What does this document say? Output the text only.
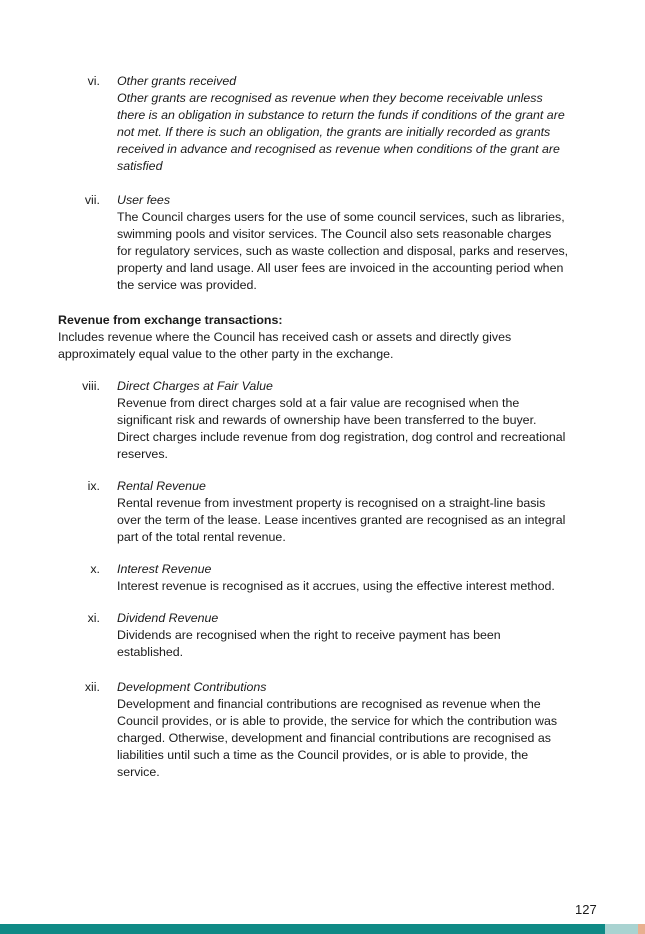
vi. Other grants received
Other grants are recognised as revenue when they become receivable unless
there is an obligation in substance to return the funds if conditions of the grant are
not met. If there is such an obligation, the grants are initially recorded as grants
received in advance and recognised as revenue when conditions of the grant are
satisfied
vii. User fees
The Council charges users for the use of some council services, such as libraries,
swimming pools and visitor services. The Council also sets reasonable charges
for regulatory services, such as waste collection and disposal, parks and reserves,
property and land usage. All user fees are invoiced in the accounting period when
the service was provided.
Revenue from exchange transactions:
Includes revenue where the Council has received cash or assets and directly gives
approximately equal value to the other party in the exchange.
viii. Direct Charges at Fair Value
Revenue from direct charges sold at a fair value are recognised when the
significant risk and rewards of ownership have been transferred to the buyer.
Direct charges include revenue from dog registration, dog control and recreational
reserves.
ix. Rental Revenue
Rental revenue from investment property is recognised on a straight-line basis
over the term of the lease. Lease incentives granted are recognised as an integral
part of the total rental revenue.
x. Interest Revenue
Interest revenue is recognised as it accrues, using the effective interest method.
xi. Dividend Revenue
Dividends are recognised when the right to receive payment has been
established.
xii. Development Contributions
Development and financial contributions are recognised as revenue when the
Council provides, or is able to provide, the service for which the contribution was
charged. Otherwise, development and financial contributions are recognised as
liabilities until such a time as the Council provides, or is able to provide, the
service.
127
